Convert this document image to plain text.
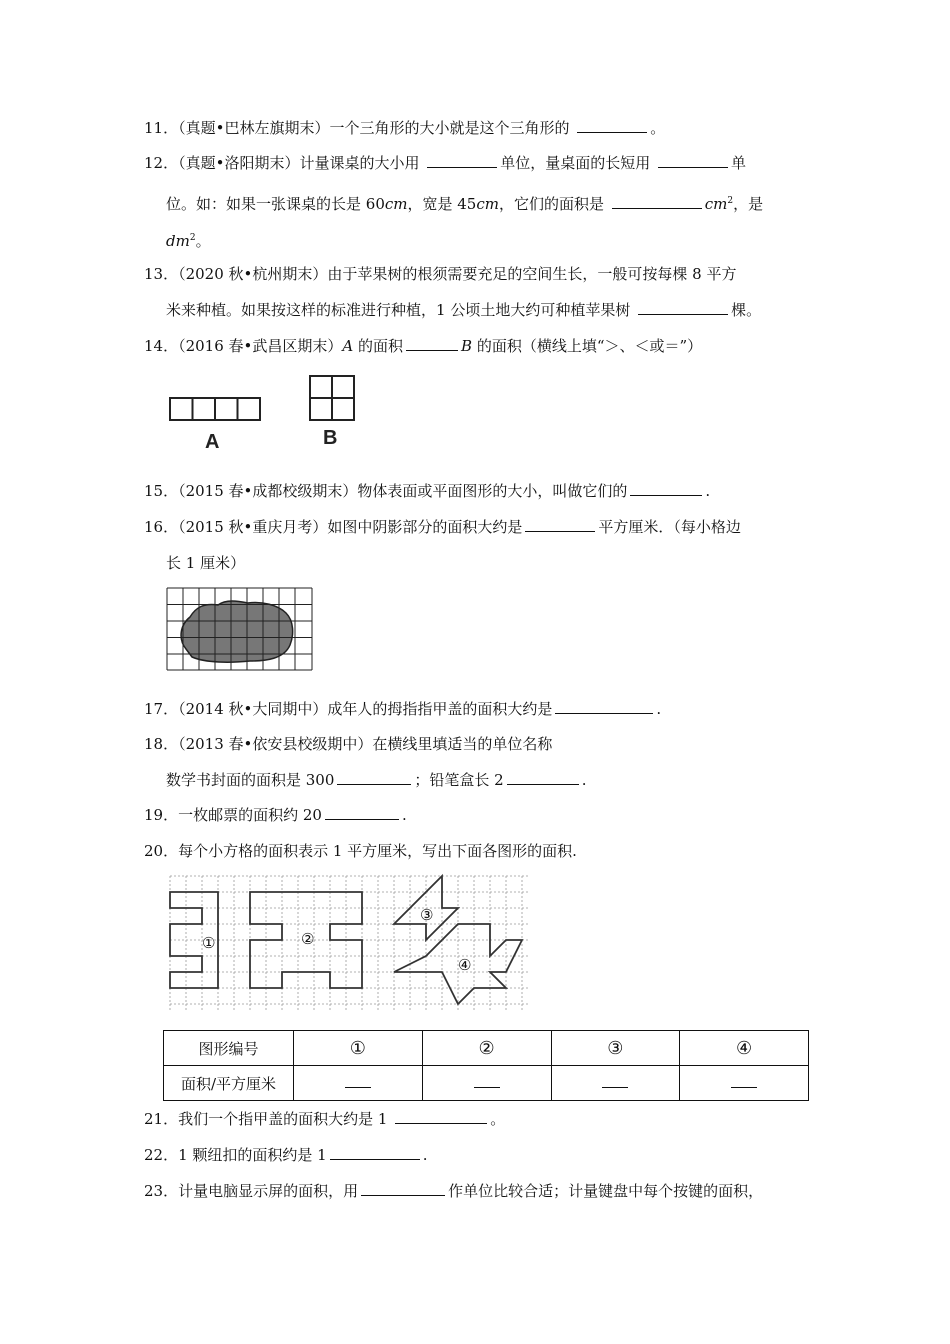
11．（真题•巴林左旗期末）一个三角形的大小就是这个三角形的	。
12．（真题•洛阳期末）计量课桌的大小用	单位，量桌面的长短用	单
位。如：如果一张课桌的长是 60cm，宽是 45cm，它们的面积是	$cm^2$，是
$dm^2$。
13．（2020 秋•杭州期末）由于苹果树的根须需要充足的空间生长，一般可按每棵 8 平方
米来种植。如果按这样的标准进行种植，1 公顷土地大约可种植苹果树	棵。
14．（2016 春•武昌区期末）A 的面积	B 的面积（横线上填“＞、＜或＝”）
A	B
15．（2015 春•成都校级期末）物体表面或平面图形的大小，叫做它们的	.
16．（2015 秋•重庆月考）如图中阴影部分的面积大约是	平方厘米．（每小格边
长 1 厘米）
17．（2014 秋•大同期中）成年人的拇指指甲盖的面积大约是	.
18．（2013 春•依安县校级期中）在横线里填适当的单位名称
数学书封面的面积是 300	；铅笔盒长 2	.
19．一枚邮票的面积约 20	.
20．每个小方格的面积表示 1 平方厘米，写出下面各图形的面积.
①	②
③
④
图形编号	①	②	③	④
面积/平方厘米				
21．我们一个指甲盖的面积大约是 1	。
22．1 颗纽扣的面积约是 1	.
23．计量电脑显示屏的面积，用	作单位比较合适；计量键盘中每个按键的面积，
